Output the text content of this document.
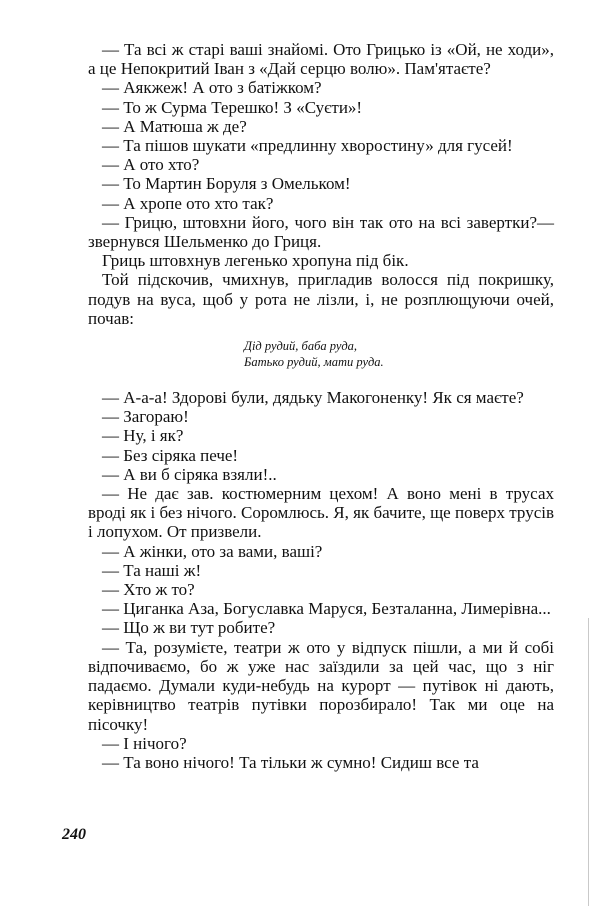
— Та всі ж старі ваші знайомі. Ото Грицько із «Ой, не ходи», а це Непокритий Іван з «Дай серцю волю». Пам'ятаєте?

— Аякжеж! А ото з батіжком?

— То ж Сурма Терешко! З «Суєти»!

— А Матюша ж де?

— Та пішов шукати «предлинну хворостину» для гусей!

— А ото хто?

— То Мартин Боруля з Омельком!

— А хропе ото хто так?

— Грицю, штовхни його, чого він так ото на всі завертки?— звернувся Шельменко до Гриця.

Гриць штовхнув легенько хропуна під бік.

Той підскочив, чмихнув, пригладив волосся під покришку, подув на вуса, щоб у рота не лізли, і, не розплющуючи очей, почав:

Дід рудий, баба руда,
Батько рудий, мати руда.

— А-а-а! Здорові були, дядьку Макогоненку! Як ся маєте?

— Загораю!

— Ну, і як?

— Без сіряка пече!

— А ви б сіряка взяли!..

— Не дає зав. костюмерним цехом! А воно мені в трусах вроді як і без нічого. Соромлюсь. Я, як бачите, ще поверх трусів і лопухом. От призвели.

— А жінки, ото за вами, ваші?

— Та наші ж!

— Хто ж то?

— Циганка Аза, Богуславка Маруся, Безталанна, Лимерівна...

— Що ж ви тут робите?

— Та, розумієте, театри ж ото у відпуск пішли, а ми й собі відпочиваємо, бо ж уже нас заїздили за цей час, що з ніг падаємо. Думали куди-небудь на курорт — путівок ні дають, керівництво театрів путівки порозбирало! Так ми оце на пісочку!

— І нічого?

— Та воно нічого! Та тільки ж сумно! Сидиш все та

240
